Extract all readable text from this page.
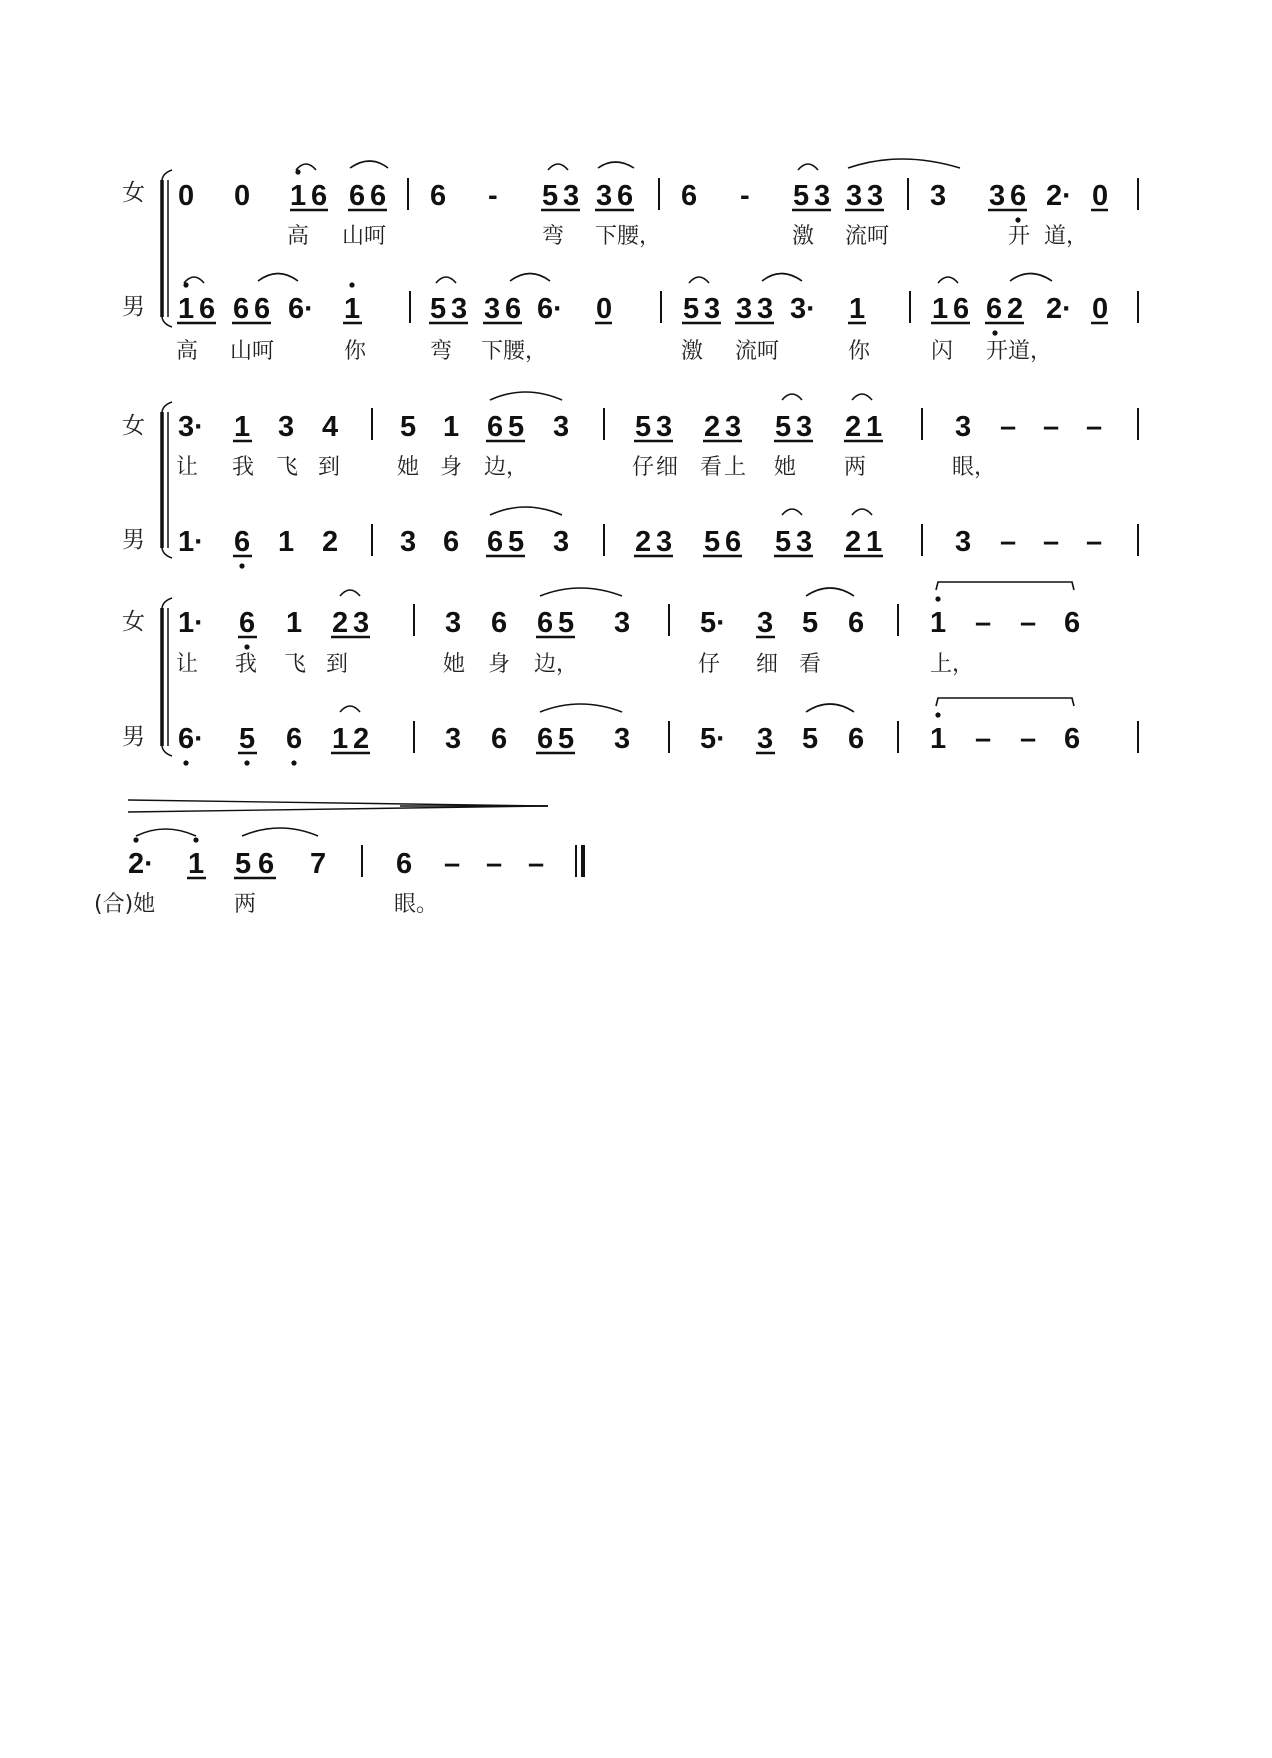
女
男
0 0 1 6 6 6 6 - 5 3 3 6 6 - 5 3 3 3 3 3 6 2· 0
高 山呵	弯 下腰，	激 流呵	开 道，
1 6 6 6 6· 1 5 3 3 6 6· 0 5 3 3 3 3· 1 1 6 6 2 2· 0
高 山呵	你	弯 下腰，	激 流呵	你	闪 开道，
女
男
3· 1 3 4 5 1 6 5 3 5 3 2 3 5 3 2 1	3 – – –
让 我 飞 到	她 身 边，	仔 细 看 上 她 两	眼，
1· 6 1 2 3 6 6 5 3 2 3 5 6 5 3 2 1	3 – – –
女
男
1· 6 1 2 3	3 6 6 5 3 5· 3 5 6 1 – – 6
让 我 飞 到	她 身 边，	仔 细 看	上，
6· 5 6 1 2	3 6 6 5 3 5· 3 5 6 1 – – 6
2· 1 5 6 7 6 – – –
(合)她	两	眼。
